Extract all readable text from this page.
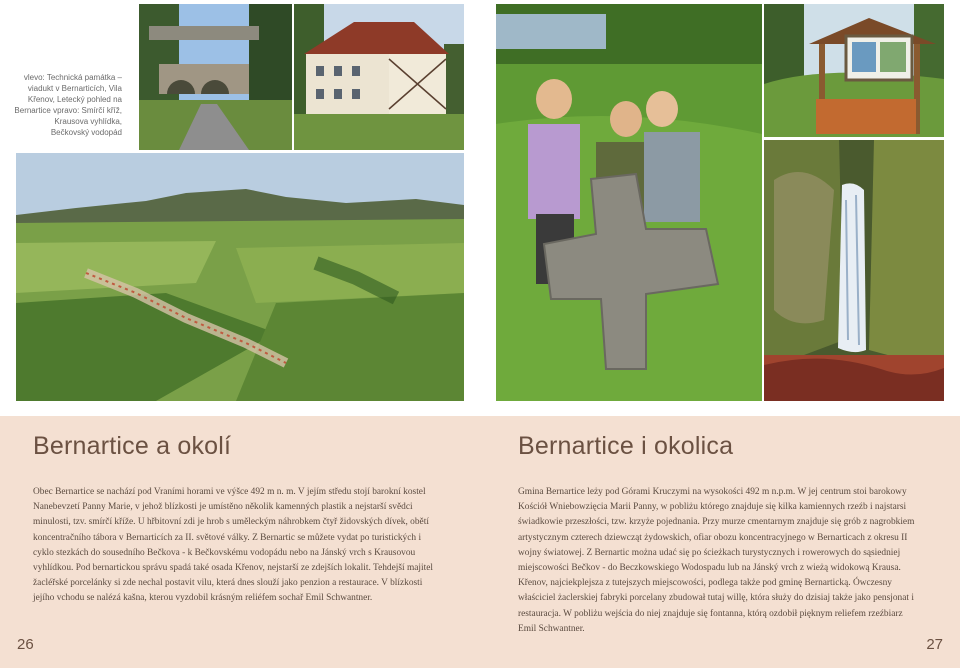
vlevo: Technická památka – viadukt v Bernarticích, Vila Křenov, Letecký pohled na Bernartice vpravo: Smírčí kříž, Krausova vyhlídka, Bečkovský vodopád
Bernartice a okolí

Obec Bernartice se nachází pod Vraními horami ve výšce 492 m n. m. V jejím středu stojí barokní kostel Nanebevzetí Panny Marie, v jehož blízkosti je umístěno několik kamenných plastik a nejstarší svědci minulosti, tzv. smírčí kříže. U hřbitovní zdi je hrob s uměleckým náhrobkem čtyř židovských dívek, obětí koncentračního tábora v Bernarticích za II. světové války. Z Bernartic se můžete vydat po turistických i cyklo stezkách do sousedního Bečkova - k Bečkovskému vodopádu nebo na Jánský vrch s Krausovou vyhlídkou. Pod bernartickou správu spadá také osada Křenov, nejstarší ze zdejších lokalit. Tehdejší majitel žacléřské porcelánky si zde nechal postavit vilu, která dnes slouží jako penzion a restaurace. V blízkosti jejího vchodu se nalézá kašna, kterou vyzdobil krásným reliéfem sochař Emil Schwantner.

26
Bernartice i okolica

Gmina Bernartice leży pod Górami Kruczymi na wysokości 492 m n.p.m. W jej centrum stoi barokowy Kościół Wniebowzięcia Marii Panny, w pobliżu którego znajduje się kilka kamiennych rzeźb i najstarsi świadkowie przeszłości, tzw. krzyże pojednania. Przy murze cmentarnym znajduje się grób z nagrobkiem artystycznym czterech dziewcząt żydowskich, ofiar obozu koncentracyjnego w Bernarticach z okresu II wojny światowej. Z Bernartic można udać się po ścieżkach turystycznych i rowerowych do sąsiedniej miejscowości Bečkov - do Beczkowskiego Wodospadu lub na Jánský vrch z wieżą widokową Krausa. Křenov, najciekplejsza z tutejszych miejscowości, podlega także pod gminę Bernarticką. Ówczesny właściciel żaclerskiej fabryki porcelany zbudował tutaj willę, która służy do dzisiaj także jako pensjonat i restauracja. W pobliżu wejścia do niej znajduje się fontanna, którą ozdobił pięknym reliefem rzeźbiarz Emil Schwantner.

27
